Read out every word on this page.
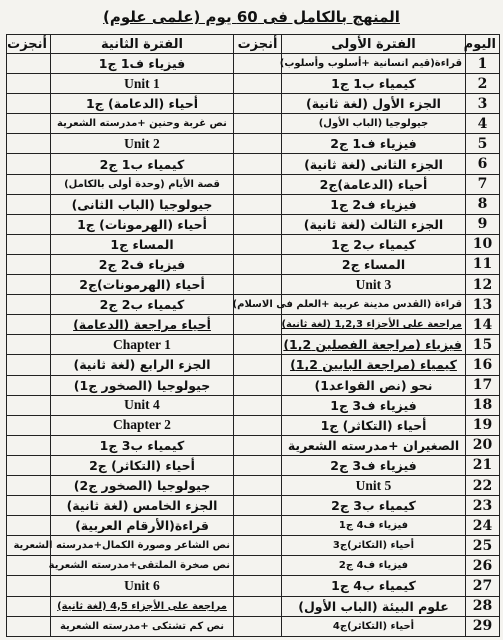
المنهج بالكامل فى 60 يوم (علمى علوم)
اليوم	الفترة الأولى	أنجزت	الفترة الثانية	أنجزت
1	قراءة(قيم انسانية +أسلوب وأسلوب)		فيزياء ف1 ج1	
2	كيمياء ب1 ج1		Unit 1	
3	الجزء الأول (لغة ثانية)		أحياء (الدعامة) ج1	
4	جيولوجيا (الباب الأول)		نص غربة وحنين +مدرسته الشعرية	
5	فيزياء ف1 ج2		Unit 2	
6	الجزء الثانى (لغة ثانية)		كيمياء ب1 ج2	
7	أحياء (الدعامة)ج2		قصة الأيام (وحدة أولى بالكامل)	
8	فيزياء ف2 ج1		جيولوجيا (الباب الثانى)	
9	الجزء الثالث (لغة ثانية)		أحياء (الهرمونات) ج1	
10	كيمياء ب2 ج1		المساء ج1	
11	المساء ج2		فيزياء ف2 ج2	
12	Unit 3		أحياء (الهرمونات)ج2	
13	قراءة (القدس مدينة عربية +العلم فى الاسلام)		كيمياء ب2 ج2	
14	مراجعة على الأجزاء 1,2,3 (لغة ثانية)		أحياء مراجعة (الدعامة)	
15	فيزياء (مراجعة الفصلين 1,2)		Chapter 1	
16	كيمياء (مراجعة البابين 1,2)		الجزء الرابع (لغة ثانية)	
17	نحو (نص القواعد1)		جيولوجيا (الصخور ج1)	
18	فيزياء ف3 ج1		Unit 4	
19	أحياء (التكاثر) ج1		Chapter 2	
20	الصغيران +مدرسته الشعرية		كيمياء ب3 ج1	
21	فيزياء ف3 ج2		أحياء (التكاثر) ج2	
22	Unit 5		جيولوجيا (الصخور ج2)	
23	كيمياء ب3 ج2		الجزء الخامس (لغة ثانية)	
24	فيزياء ف4 ج1		قراءة(الأرقام العربية)	
25	أحياء (التكاثر)ج3		نص الشاعر وصورة الكمال+مدرسته الشعرية	
26	فيزياء ف4 ج2		نص صخرة الملتقى+مدرسته الشعرية	
27	كيمياء ب4 ج1		Unit 6	
28	علوم البيئة (الباب الأول)		مراجعة على الأجزاء 4,5 (لغة ثانية)	
29	أحياء (التكاثر)ج4		نص كم تشتكى +مدرسته الشعرية	
